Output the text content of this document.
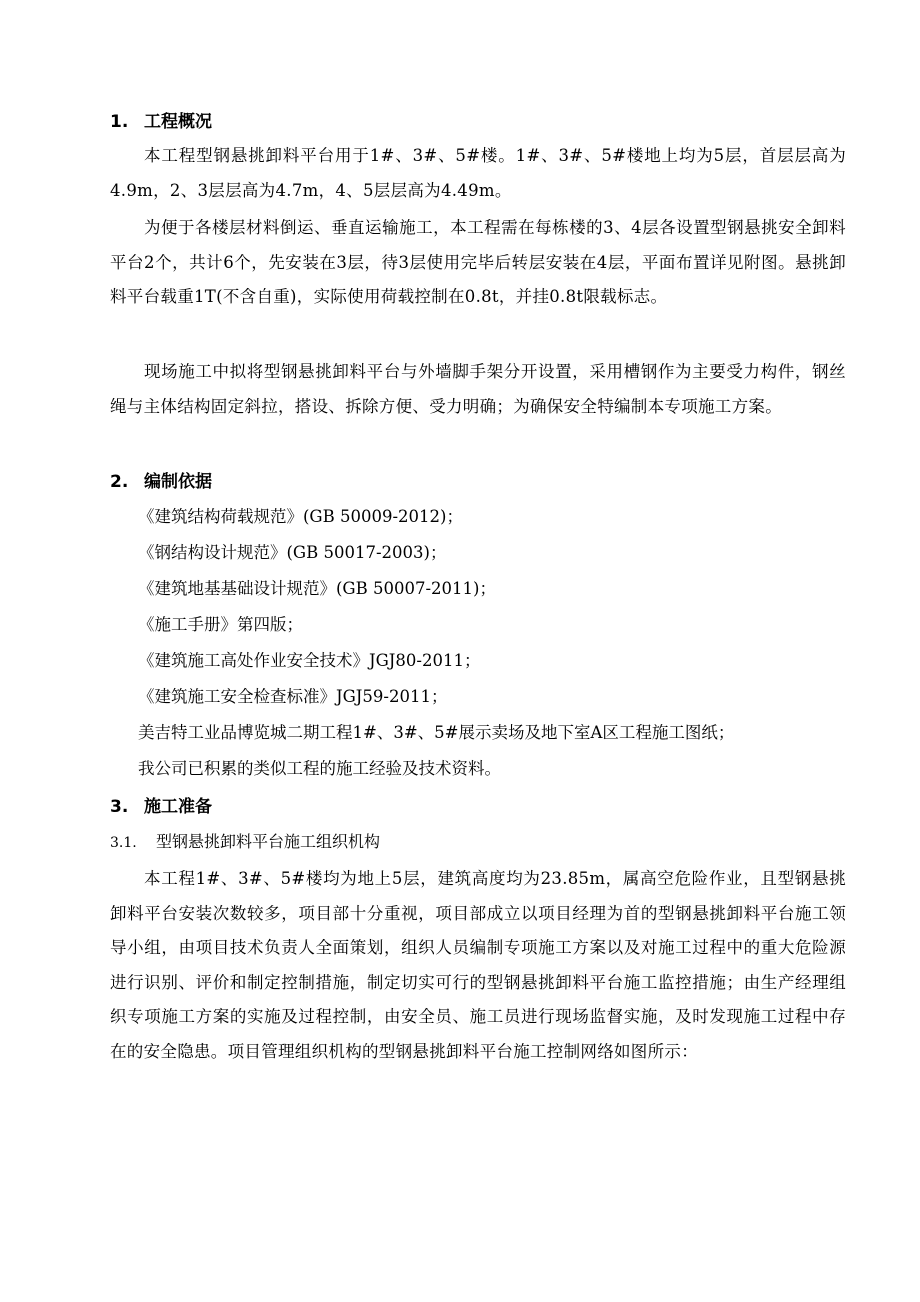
1. 工程概况
本工程型钢悬挑卸料平台用于1#、3#、5#楼。1#、3#、5#楼地上均为5层，首层层高为4.9m，2、3层层高为4.7m，4、5层层高为4.49m。
为便于各楼层材料倒运、垂直运输施工，本工程需在每栋楼的3、4层各设置型钢悬挑安全卸料平台2个，共计6个，先安装在3层，待3层使用完毕后转层安装在4层，平面布置详见附图。悬挑卸料平台载重1T(不含自重)，实际使用荷载控制在0.8t，并挂0.8t限载标志。
现场施工中拟将型钢悬挑卸料平台与外墙脚手架分开设置，采用槽钢作为主要受力构件，钢丝绳与主体结构固定斜拉，搭设、拆除方便、受力明确；为确保安全特编制本专项施工方案。
2. 编制依据
《建筑结构荷载规范》(GB 50009-2012)；
《钢结构设计规范》(GB 50017-2003)；
《建筑地基基础设计规范》(GB 50007-2011)；
《施工手册》第四版；
《建筑施工高处作业安全技术》JGJ80-2011；
《建筑施工安全检查标准》JGJ59-2011；
美吉特工业品博览城二期工程1#、3#、5#展示卖场及地下室A区工程施工图纸；
我公司已积累的类似工程的施工经验及技术资料。
3. 施工准备
3.1. 型钢悬挑卸料平台施工组织机构
本工程1#、3#、5#楼均为地上5层，建筑高度均为23.85m，属高空危险作业，且型钢悬挑卸料平台安装次数较多，项目部十分重视，项目部成立以项目经理为首的型钢悬挑卸料平台施工领导小组，由项目技术负责人全面策划，组织人员编制专项施工方案以及对施工过程中的重大危险源进行识别、评价和制定控制措施，制定切实可行的型钢悬挑卸料平台施工监控措施；由生产经理组织专项施工方案的实施及过程控制，由安全员、施工员进行现场监督实施，及时发现施工过程中存在的安全隐患。项目管理组织机构的型钢悬挑卸料平台施工控制网络如图所示：
